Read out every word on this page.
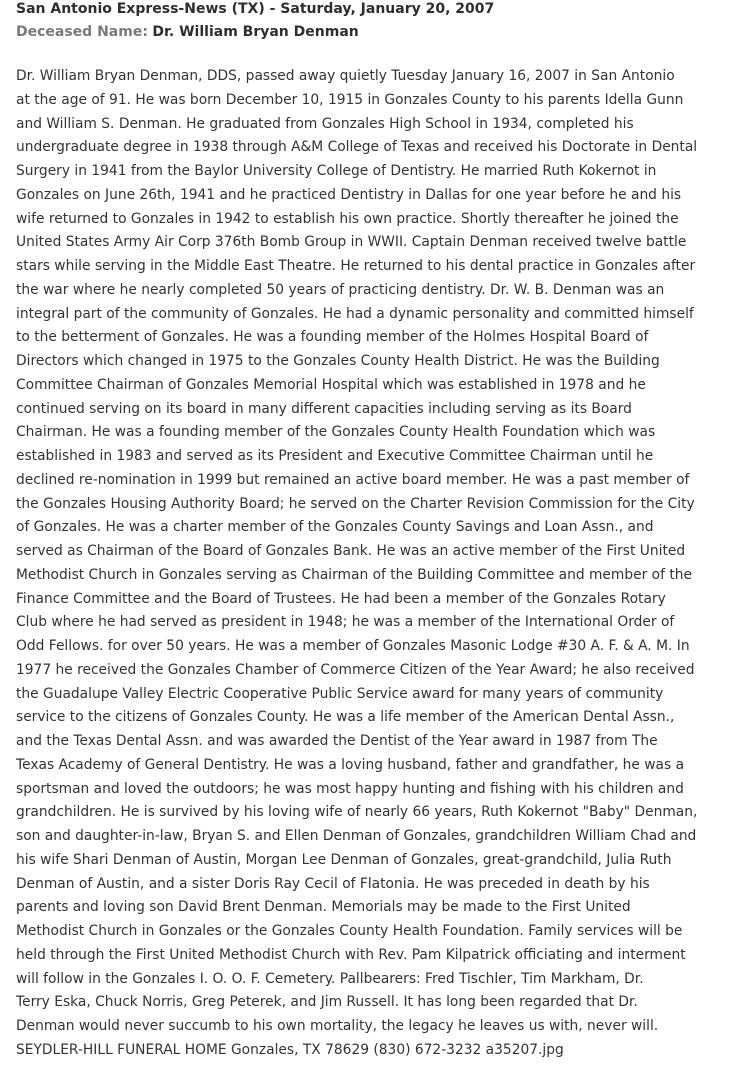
San Antonio Express-News (TX) - Saturday, January 20, 2007
Deceased Name: Dr. William Bryan Denman
Dr. William Bryan Denman, DDS, passed away quietly Tuesday January 16, 2007 in San Antonio
at the age of 91. He was born December 10, 1915 in Gonzales County to his parents Idella Gunn
and William S. Denman. He graduated from Gonzales High School in 1934, completed his
undergraduate degree in 1938 through A&M College of Texas and received his Doctorate in Dental
Surgery in 1941 from the Baylor University College of Dentistry. He married Ruth Kokernot in
Gonzales on June 26th, 1941 and he practiced Dentistry in Dallas for one year before he and his
wife returned to Gonzales in 1942 to establish his own practice. Shortly thereafter he joined the
United States Army Air Corp 376th Bomb Group in WWII. Captain Denman received twelve battle
stars while serving in the Middle East Theatre. He returned to his dental practice in Gonzales after
the war where he nearly completed 50 years of practicing dentistry. Dr. W. B. Denman was an
integral part of the community of Gonzales. He had a dynamic personality and committed himself
to the betterment of Gonzales. He was a founding member of the Holmes Hospital Board of
Directors which changed in 1975 to the Gonzales County Health District. He was the Building
Committee Chairman of Gonzales Memorial Hospital which was established in 1978 and he
continued serving on its board in many different capacities including serving as its Board
Chairman. He was a founding member of the Gonzales County Health Foundation which was
established in 1983 and served as its President and Executive Committee Chairman until he
declined re-nomination in 1999 but remained an active board member. He was a past member of
the Gonzales Housing Authority Board; he served on the Charter Revision Commission for the City
of Gonzales. He was a charter member of the Gonzales County Savings and Loan Assn., and
served as Chairman of the Board of Gonzales Bank. He was an active member of the First United
Methodist Church in Gonzales serving as Chairman of the Building Committee and member of the
Finance Committee and the Board of Trustees. He had been a member of the Gonzales Rotary
Club where he had served as president in 1948; he was a member of the International Order of
Odd Fellows. for over 50 years. He was a member of Gonzales Masonic Lodge #30 A. F. & A. M. In
1977 he received the Gonzales Chamber of Commerce Citizen of the Year Award; he also received
the Guadalupe Valley Electric Cooperative Public Service award for many years of community
service to the citizens of Gonzales County. He was a life member of the American Dental Assn.,
and the Texas Dental Assn. and was awarded the Dentist of the Year award in 1987 from The
Texas Academy of General Dentistry. He was a loving husband, father and grandfather, he was a
sportsman and loved the outdoors; he was most happy hunting and fishing with his children and
grandchildren. He is survived by his loving wife of nearly 66 years, Ruth Kokernot "Baby" Denman,
son and daughter-in-law, Bryan S. and Ellen Denman of Gonzales, grandchildren William Chad and
his wife Shari Denman of Austin, Morgan Lee Denman of Gonzales, great-grandchild, Julia Ruth
Denman of Austin, and a sister Doris Ray Cecil of Flatonia. He was preceded in death by his
parents and loving son David Brent Denman. Memorials may be made to the First United
Methodist Church in Gonzales or the Gonzales County Health Foundation. Family services will be
held through the First United Methodist Church with Rev. Pam Kilpatrick officiating and interment
will follow in the Gonzales I. O. O. F. Cemetery. Pallbearers: Fred Tischler, Tim Markham, Dr.
Terry Eska, Chuck Norris, Greg Peterek, and Jim Russell. It has long been regarded that Dr.
Denman would never succumb to his own mortality, the legacy he leaves us with, never will.
SEYDLER-HILL FUNERAL HOME Gonzales, TX 78629 (830) 672-3232 a35207.jpg
